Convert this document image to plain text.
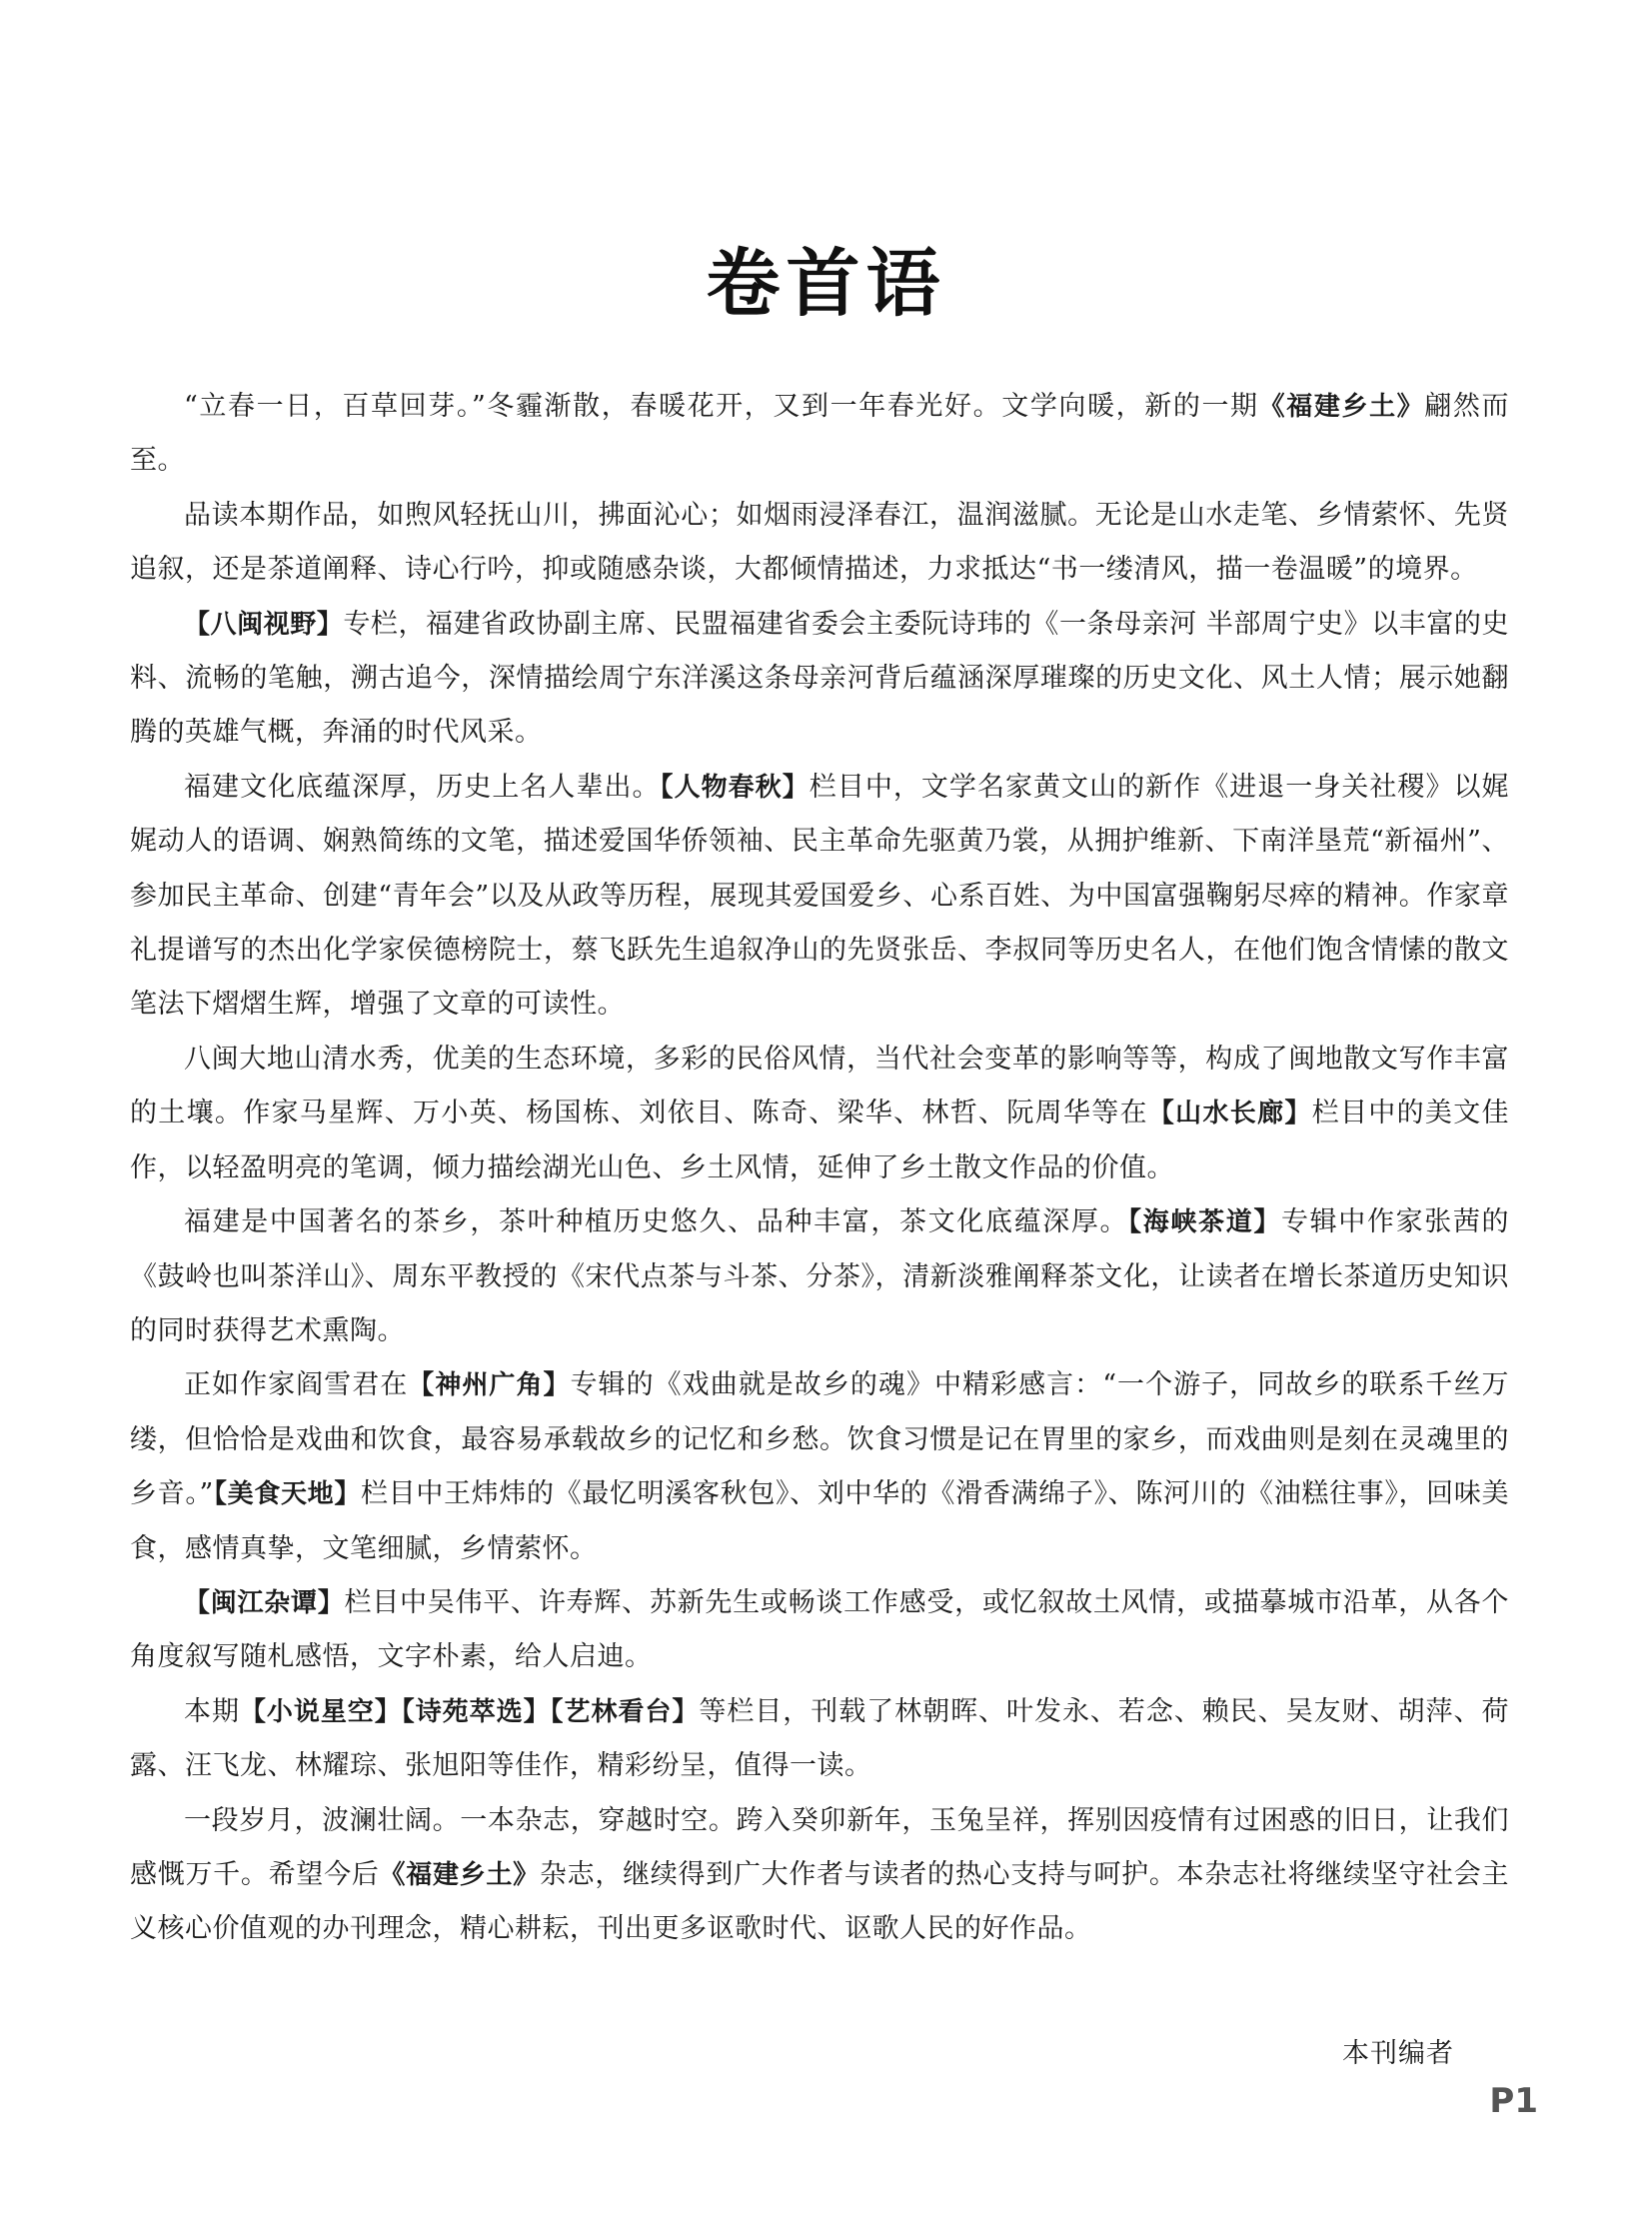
卷首语

“立春一日，百草回芽。”冬霾渐散，春暖花开，又到一年春光好。文学向暖，新的一期《福建乡土》翩然而至。

品读本期作品，如煦风轻抚山川，拂面沁心；如烟雨浸泽春江，温润滋腻。无论是山水走笔、乡情萦怀、先贤追叙，还是茶道阐释、诗心行吟，抑或随感杂谈，大都倾情描述，力求抵达“书一缕清风，描一卷温暖”的境界。

【八闽视野】专栏，福建省政协副主席、民盟福建省委会主委阮诗玮的《一条母亲河 半部周宁史》以丰富的史料、流畅的笔触，溯古追今，深情描绘周宁东洋溪这条母亲河背后蕴涵深厚璀璨的历史文化、风土人情；展示她翻腾的英雄气概，奔涌的时代风采。

福建文化底蕴深厚，历史上名人辈出。【人物春秋】栏目中，文学名家黄文山的新作《进退一身关社稷》以娓娓动人的语调、娴熟简练的文笔，描述爱国华侨领袖、民主革命先驱黄乃裳，从拥护维新、下南洋垦荒“新福州”、参加民主革命、创建“青年会”以及从政等历程，展现其爱国爱乡、心系百姓、为中国富强鞠躬尽瘁的精神。作家章礼提谱写的杰出化学家侯德榜院士，蔡飞跃先生追叙净山的先贤张岳、李叔同等历史名人，在他们饱含情愫的散文笔法下熠熠生辉，增强了文章的可读性。

八闽大地山清水秀，优美的生态环境，多彩的民俗风情，当代社会变革的影响等等，构成了闽地散文写作丰富的土壤。作家马星辉、万小英、杨国栋、刘依目、陈奇、梁华、林哲、阮周华等在【山水长廊】栏目中的美文佳作，以轻盈明亮的笔调，倾力描绘湖光山色、乡土风情，延伸了乡土散文作品的价值。

福建是中国著名的茶乡，茶叶种植历史悠久、品种丰富，茶文化底蕴深厚。【海峡茶道】专辑中作家张茜的《鼓岭也叫茶洋山》、周东平教授的《宋代点茶与斗茶、分茶》，清新淡雅阐释茶文化，让读者在增长茶道历史知识的同时获得艺术熏陶。

正如作家阎雪君在【神州广角】专辑的《戏曲就是故乡的魂》中精彩感言：“一个游子，同故乡的联系千丝万缕，但恰恰是戏曲和饮食，最容易承载故乡的记忆和乡愁。饮食习惯是记在胃里的家乡，而戏曲则是刻在灵魂里的乡音。”【美食天地】栏目中王炜炜的《最忆明溪客秋包》、刘中华的《滑香满绵子》、陈河川的《油糕往事》，回味美食，感情真挚，文笔细腻，乡情萦怀。

【闽江杂谭】栏目中吴伟平、许寿辉、苏新先生或畅谈工作感受，或忆叙故土风情，或描摹城市沿革，从各个角度叙写随札感悟，文字朴素，给人启迪。

本期【小说星空】【诗苑萃选】【艺林看台】等栏目，刊载了林朝晖、叶发永、若念、赖民、吴友财、胡萍、荷露、汪飞龙、林耀琮、张旭阳等佳作，精彩纷呈，值得一读。

一段岁月，波澜壮阔。一本杂志，穿越时空。跨入癸卯新年，玉兔呈祥，挥别因疫情有过困惑的旧日，让我们感慨万千。希望今后《福建乡土》杂志，继续得到广大作者与读者的热心支持与呵护。本杂志社将继续坚守社会主义核心价值观的办刊理念，精心耕耘，刊出更多讴歌时代、讴歌人民的好作品。

本刊编者

P1
